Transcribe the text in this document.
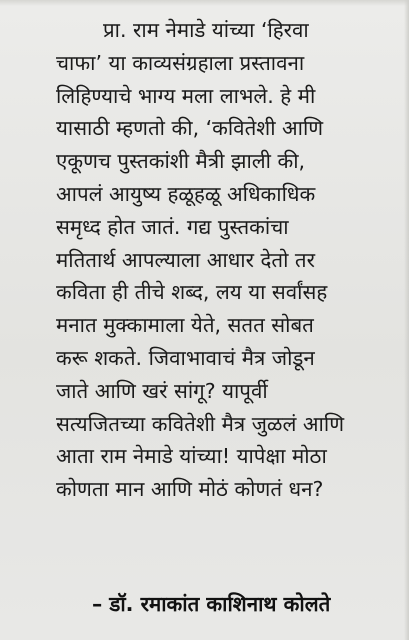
प्रा. राम नेमाडे यांच्या ‘हिरवा
चाफा’ या काव्यसंग्रहाला प्रस्तावना
लिहिण्याचे भाग्य मला लाभले. हे मी
यासाठी म्हणतो की, ‘कवितेशी आणि
एकूणच पुस्तकांशी मैत्री झाली की,
आपलं आयुष्य हळूहळू अधिकाधिक
समृध्द होत जातं. गद्य पुस्तकांचा
मतितार्थ आपल्याला आधार देतो तर
कविता ही तीचे शब्द, लय या सर्वांसह
मनात मुक्कामाला येते, सतत सोबत
करू शकते. जिवाभावाचं मैत्र जोडून
जाते आणि खरं सांगू? यापूर्वी
सत्यजितच्या कवितेशी मैत्र जुळलं आणि
आता राम नेमाडे यांच्या! यापेक्षा मोठा
कोणता मान आणि मोठं कोणतं धन?

– डॉ. रमाकांत काशिनाथ कोलते
